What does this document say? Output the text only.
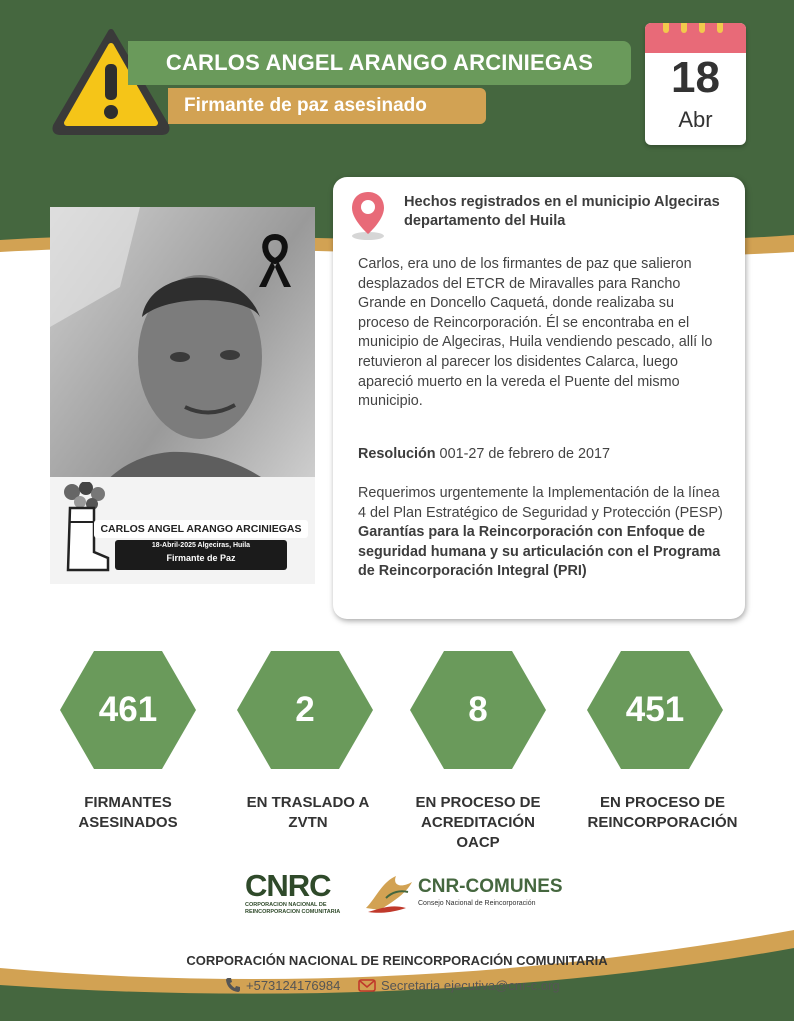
CARLOS ANGEL ARANGO ARCINIEGAS
Firmante de paz asesinado
18
Abr
CARLOS ANGEL ARANGO ARCINIEGAS
18-Abril-2025 Algeciras, Huila
Firmante de Paz
Hechos registrados en el municipio Algeciras departamento del Huila
Carlos, era uno de los firmantes de paz que salieron desplazados del ETCR de Miravalles para Rancho Grande en Doncello Caquetá, donde realizaba su proceso de Reincorporación. Él se encontraba en el municipio de Algeciras, Huila vendiendo pescado, allí lo retuvieron al parecer los disidentes Calarca, luego apareció muerto en la vereda el Puente del mismo municipio.
Resolución 001-27 de febrero de 2017
Requerimos urgentemente la Implementación de la línea 4 del Plan Estratégico de Seguridad y Protección (PESP) Garantías para la Reincorporación con Enfoque de seguridad humana y su articulación con el Programa de Reincorporación Integral (PRI)
461	2	8	451
FIRMANTES ASESINADOS
EN TRASLADO A ZVTN
EN PROCESO DE ACREDITACIÓN OACP
EN PROCESO DE REINCORPORACIÓN
CNRC
CORPORACION NACIONAL DE REINCORPORACION COMUNITARIA
CNR-COMUNES
Consejo Nacional de Reincorporación
CORPORACIÓN NACIONAL DE REINCORPORACIÓN COMUNITARIA
+573124176984	Secretaria.ejecutiva@cnr-c.org
